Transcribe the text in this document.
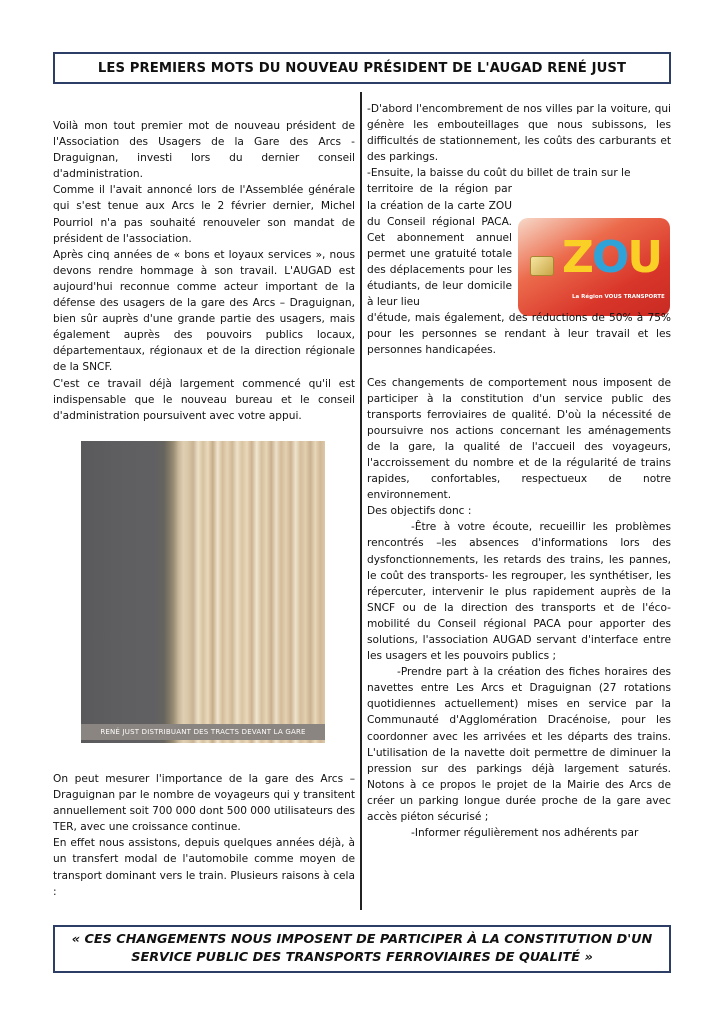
LES PREMIERS MOTS DU NOUVEAU PRÉSIDENT DE L'AUGAD RENÉ JUST

Voilà mon tout premier mot de nouveau président de l'Association des Usagers de la Gare des Arcs - Draguignan, investi lors du dernier conseil d'administration.

Comme il l'avait annoncé lors de l'Assemblée générale qui s'est tenue aux Arcs le 2 février dernier, Michel Pourriol n'a pas souhaité renouveler son mandat de président de l'association.

Après cinq années de « bons et loyaux services », nous devons rendre hommage à son travail. L'AUGAD est aujourd'hui reconnue comme acteur important de la défense des usagers de la gare des Arcs – Draguignan, bien sûr auprès d'une grande partie des usagers, mais également auprès des pouvoirs publics locaux, départementaux, régionaux et de la direction régionale de la SNCF.

C'est ce travail déjà largement commencé qu'il est indispensable que le nouveau bureau et le conseil d'administration poursuivent avec votre appui.

RENÉ JUST DISTRIBUANT DES TRACTS DEVANT LA GARE

On peut mesurer l'importance de la gare des Arcs – Draguignan par le nombre de voyageurs qui y transitent annuellement soit 700 000 dont 500 000 utilisateurs des TER, avec une croissance continue.

En effet nous assistons, depuis quelques années déjà, à un transfert modal de l'automobile comme moyen de transport dominant vers le train. Plusieurs raisons à cela :

ZOU
La Région VOUS TRANSPORTE

-D'abord l'encombrement de nos villes par la voiture, qui génère les embouteillages que nous subissons, les difficultés de stationnement, les coûts des carburants et des parkings.

-Ensuite, la baisse du coût du billet de train sur le

territoire de la région par la création de la carte ZOU du Conseil régional PACA. Cet abonnement annuel permet une gratuité totale des déplacements pour les étudiants, de leur domicile à leur lieu

d'étude, mais également, des réductions de 50% à 75% pour les personnes se rendant à leur travail et les personnes handicapées.

Ces changements de comportement nous imposent de participer à la constitution d'un service public des transports ferroviaires de qualité. D'où la nécessité de poursuivre nos actions concernant les aménagements de la gare, la qualité de l'accueil des voyageurs, l'accroissement du nombre et de la régularité de trains rapides, confortables, respectueux de notre environnement.

Des objectifs donc :

-Être à votre écoute, recueillir les problèmes rencontrés –les absences d'informations lors des dysfonctionnements, les retards des trains, les pannes, le coût des transports- les regrouper, les synthétiser, les répercuter, intervenir le plus rapidement auprès de la SNCF ou de la direction des transports et de l'éco-mobilité du Conseil régional PACA pour apporter des solutions, l'association AUGAD servant d'interface entre les usagers et les pouvoirs publics ;

-Prendre part à la création des fiches horaires des navettes entre Les Arcs et Draguignan (27 rotations quotidiennes actuellement) mises en service par la Communauté d'Agglomération Dracénoise, pour les coordonner avec les arrivées et les départs des trains. L'utilisation de la navette doit permettre de diminuer la pression sur des parkings déjà largement saturés. Notons à ce propos le projet de la Mairie des Arcs de créer un parking longue durée proche de la gare avec accès piéton sécurisé ;

-Informer régulièrement nos adhérents par

« CES CHANGEMENTS NOUS IMPOSENT DE PARTICIPER À LA CONSTITUTION D'UN SERVICE PUBLIC DES TRANSPORTS FERROVIAIRES DE QUALITÉ »
